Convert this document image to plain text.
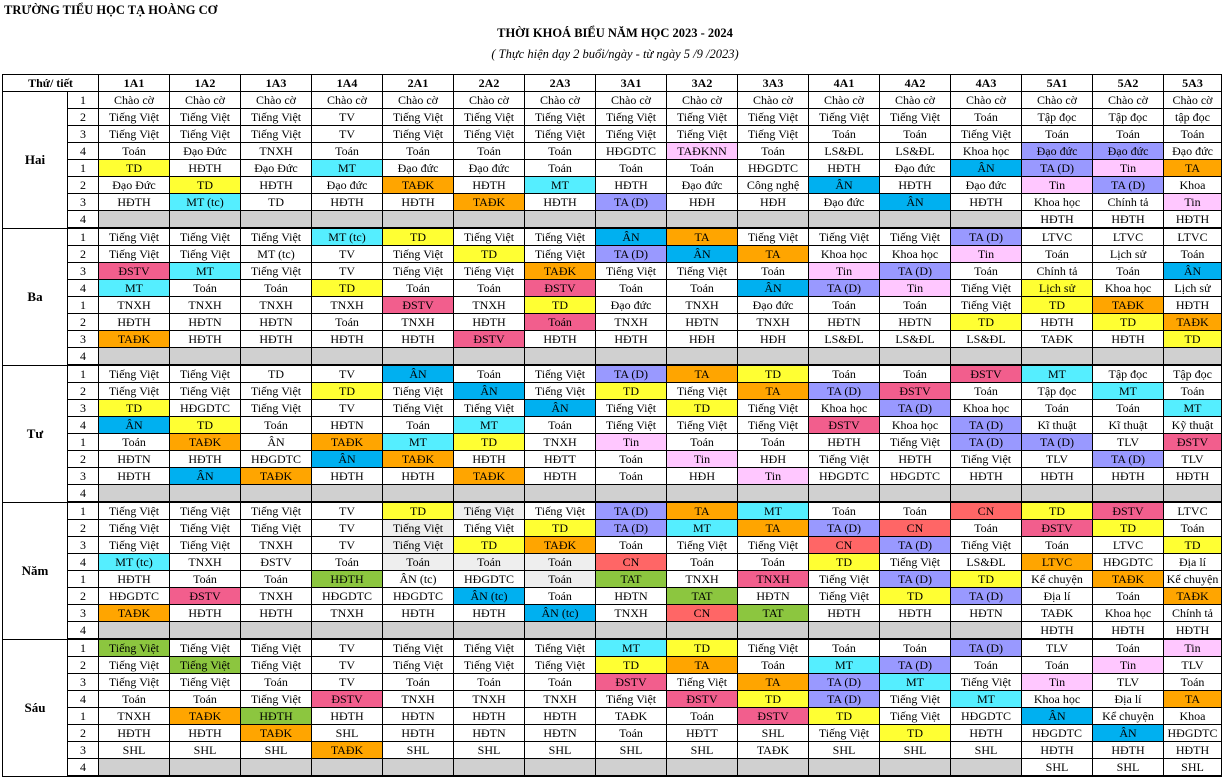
TRƯỜNG TIỂU HỌC TẠ HOÀNG CƠ
THỜI KHOÁ BIỂU NĂM HỌC 2023 - 2024
( Thực hiện dạy 2 buổi/ngày - từ ngày 5 /9 /2023)
Thứ/ tiết		1A1	1A2	1A3	1A4	2A1	2A2	2A3	3A1	3A2	3A3	4A1	4A2	4A3	5A1	5A2	5A3
Hai	1	Chào cờ	Chào cờ	Chào cờ	Chào cờ	Chào cờ	Chào cờ	Chào cờ	Chào cờ	Chào cờ	Chào cờ	Chào cờ	Chào cờ	Chào cờ	Chào cờ	Chào cờ	Chào cờ
	2	Tiếng Việt	Tiếng Việt	Tiếng Việt	TV	Tiếng Việt	Tiếng Việt	Tiếng Việt	Tiếng Việt	Tiếng Việt	Tiếng Việt	Tiếng Việt	Tiếng Việt	Toán	Tập đọc	Tập đọc	tập đọc
	3	Tiếng Việt	Tiếng Việt	Tiếng Việt	TV	Tiếng Việt	Tiếng Việt	Tiếng Việt	Tiếng Việt	Tiếng Việt	Tiếng Việt	Toán	Toán	Tiếng Việt	Toán	Toán	Toán
	4	Toán	Đạo Đức	TNXH	Toán	Toán	Toán	Toán	HĐGDTC	TAĐKNN	Toán	LS&ĐL	LS&ĐL	Khoa học	Đạo đức	Đạo đức	Đạo đức
	1	TD	HĐTH	Đạo Đức	MT	Đạo đức	Đạo đức	Toán	Toán	Toán	HĐGDTC	HĐTH	Đạo đức	ÂN	TA (D)	Tin	TA
	2	Đạo Đức	TD	HĐTH	Đạo đức	TAĐK	HĐTH	MT	HĐTH	Đạo đức	Công nghệ	ÂN	HĐTH	Đạo đức	Tin	TA (D)	Khoa
	3	HĐTH	MT (tc)	TD	HĐTH	HĐTH	TAĐK	HĐTH	TA (D)	HĐH	HĐH	Đạo đức	ÂN	HĐTH	Khoa học	Chính tả	Tin
	4														HĐTH	HĐTH	HĐTH
Ba	1	Tiếng Việt	Tiếng Việt	Tiếng Việt	MT (tc)	TD	Tiếng Việt	Tiếng Việt	ÂN	TA	Tiếng Việt	Tiếng Việt	Tiếng Việt	TA (D)	LTVC	LTVC	LTVC
	2	Tiếng Việt	Tiếng Việt	MT (tc)	TV	Tiếng Việt	TD	Tiếng Việt	TA (D)	ÂN	TA	Khoa học	Khoa học	Tin	Toán	Lịch sử	Toán
	3	ĐSTV	MT	Tiếng Việt	TV	Tiếng Việt	Tiếng Việt	TAĐK	Tiếng Việt	Tiếng Việt	Toán	Tin	TA (D)	Toán	Chính tả	Toán	ÂN
	4	MT	Toán	Toán	TD	Toán	Toán	ĐSTV	Toán	Toán	ÂN	TA (D)	Tin	Tiếng Việt	Lịch sử	Khoa học	Lịch sử
	1	TNXH	TNXH	TNXH	TNXH	ĐSTV	TNXH	TD	Đạo đức	TNXH	Đạo đức	Toán	Toán	Tiếng Việt	TD	TAĐK	HĐTH
	2	HĐTH	HĐTN	HĐTN	Toán	TNXH	HĐTH	Toán	TNXH	HĐTN	TNXH	HĐTN	HĐTN	TD	HĐTH	TD	TAĐK
	3	TAĐK	HĐTH	HĐTH	HĐTH	HĐTH	ĐSTV	HĐTH	HĐTH	HĐH	HĐH	LS&ĐL	LS&ĐL	LS&ĐL	TAĐK	HĐTH	TD
	4																
Tư	1	Tiếng Việt	Tiếng Việt	TD	TV	ÂN	Toán	Tiếng Việt	TA (D)	TA	TD	Toán	Toán	ĐSTV	MT	Tập đọc	Tập đọc
	2	Tiếng Việt	Tiếng Việt	Tiếng Việt	TD	Tiếng Việt	ÂN	Tiếng Việt	TD	Tiếng Việt	TA	TA (D)	ĐSTV	Toán	Tập đọc	MT	Toán
	3	TD	HĐGDTC	Tiếng Việt	TV	Tiếng Việt	Tiếng Việt	ÂN	Tiếng Việt	TD	Tiếng Việt	Khoa học	TA (D)	Khoa học	Toán	Toán	MT
	4	ÂN	TD	Toán	HĐTN	Toán	MT	Toán	Tiếng Việt	Tiếng Việt	Tiếng Việt	ĐSTV	Khoa học	TA (D)	Kĩ thuật	Kĩ thuật	Kỹ thuật
	1	Toán	TAĐK	ÂN	TAĐK	MT	TD	TNXH	Tin	Toán	Toán	HĐTH	Tiếng Việt	TA (D)	TA (D)	TLV	ĐSTV
	2	HĐTN	HĐTH	HĐGDTC	ÂN	TAĐK	HĐTH	HĐTT	Toán	Tin	HĐH	Tiếng Việt	HĐTH	Tiếng Việt	TLV	TA (D)	TLV
	3	HĐTH	ÂN	TAĐK	HĐTH	HĐTH	TAĐK	HĐTH	Toán	HĐH	Tin	HĐGDTC	HĐGDTC	HĐTH	HĐTH	HĐTH	HĐTH
	4																
Năm	1	Tiếng Việt	Tiếng Việt	Tiếng Việt	TV	TD	Tiếng Việt	Tiếng Việt	TA (D)	TA	MT	Toán	Toán	CN	TD	ĐSTV	LTVC
	2	Tiếng Việt	Tiếng Việt	Tiếng Việt	TV	Tiếng Việt	Tiếng Việt	TD	TA (D)	MT	TA	TA (D)	CN	Toán	ĐSTV	TD	Toán
	3	Tiếng Việt	Tiếng Việt	TNXH	TV	Tiếng Việt	TD	TAĐK	Toán	Tiếng Việt	Tiếng Việt	CN	TA (D)	Tiếng Việt	Toán	LTVC	TD
	4	MT (tc)	TNXH	ĐSTV	Toán	Toán	Toán	Toán	CN	Toán	Toán	TD	Tiếng Việt	LS&ĐL	LTVC	HĐGDTC	Địa lí
	1	HĐTH	Toán	Toán	HĐTH	ÂN (tc)	HĐGDTC	Toán	TAT	TNXH	TNXH	Tiếng Việt	TA (D)	TD	Kể chuyện	TAĐK	Kể chuyện
	2	HĐGDTC	ĐSTV	TNXH	HĐGDTC	HĐGDTC	ÂN (tc)	Toán	HĐTN	TAT	HĐTN	Tiếng Việt	TD	TA (D)	Địa lí	Toán	TAĐK
	3	TAĐK	HĐTH	HĐTH	TNXH	HĐTH	HĐTH	ÂN (tc)	TNXH	CN	TAT	HĐTH	HĐTH	HĐTN	TAĐK	Khoa học	Chính tả
	4														HĐTH	HĐTH	HĐTH
Sáu	1	Tiếng Việt	Tiếng Việt	Tiếng Việt	TV	Tiếng Việt	Tiếng Việt	Tiếng Việt	MT	TD	Tiếng Việt	Toán	Toán	TA (D)	TLV	Toán	Tin
	2	Tiếng Việt	Tiếng Việt	Tiếng Việt	TV	Tiếng Việt	Tiếng Việt	Tiếng Việt	TD	TA	Toán	MT	TA (D)	Toán	Toán	Tin	TLV
	3	Tiếng Việt	Tiếng Việt	Toán	TV	Toán	Toán	Toán	ĐSTV	Tiếng Việt	TA	TA (D)	MT	Tiếng Việt	Tin	TLV	Toán
	4	Toán	Toán	Tiếng Việt	ĐSTV	TNXH	TNXH	TNXH	Tiếng Việt	ĐSTV	TD	TA (D)	Tiếng Việt	MT	Khoa học	Địa lí	TA
	1	TNXH	TAĐK	HĐTH	HĐTH	HĐTN	HĐTH	HĐTH	TAĐK	Toán	ĐSTV	TD	Tiếng Việt	HĐGDTC	ÂN	Kể chuyện	Khoa
	2	HĐTH	HĐTH	TAĐK	SHL	HĐTH	HĐTN	HĐTN	Toán	HĐTT	SHL	Tiếng Việt	TD	HĐTH	HĐGDTC	ÂN	HĐGDTC
	3	SHL	SHL	SHL	TAĐK	SHL	SHL	SHL	SHL	SHL	TAĐK	SHL	SHL	SHL	HĐTH	HĐTH	HĐTH
	4														SHL	SHL	SHL
